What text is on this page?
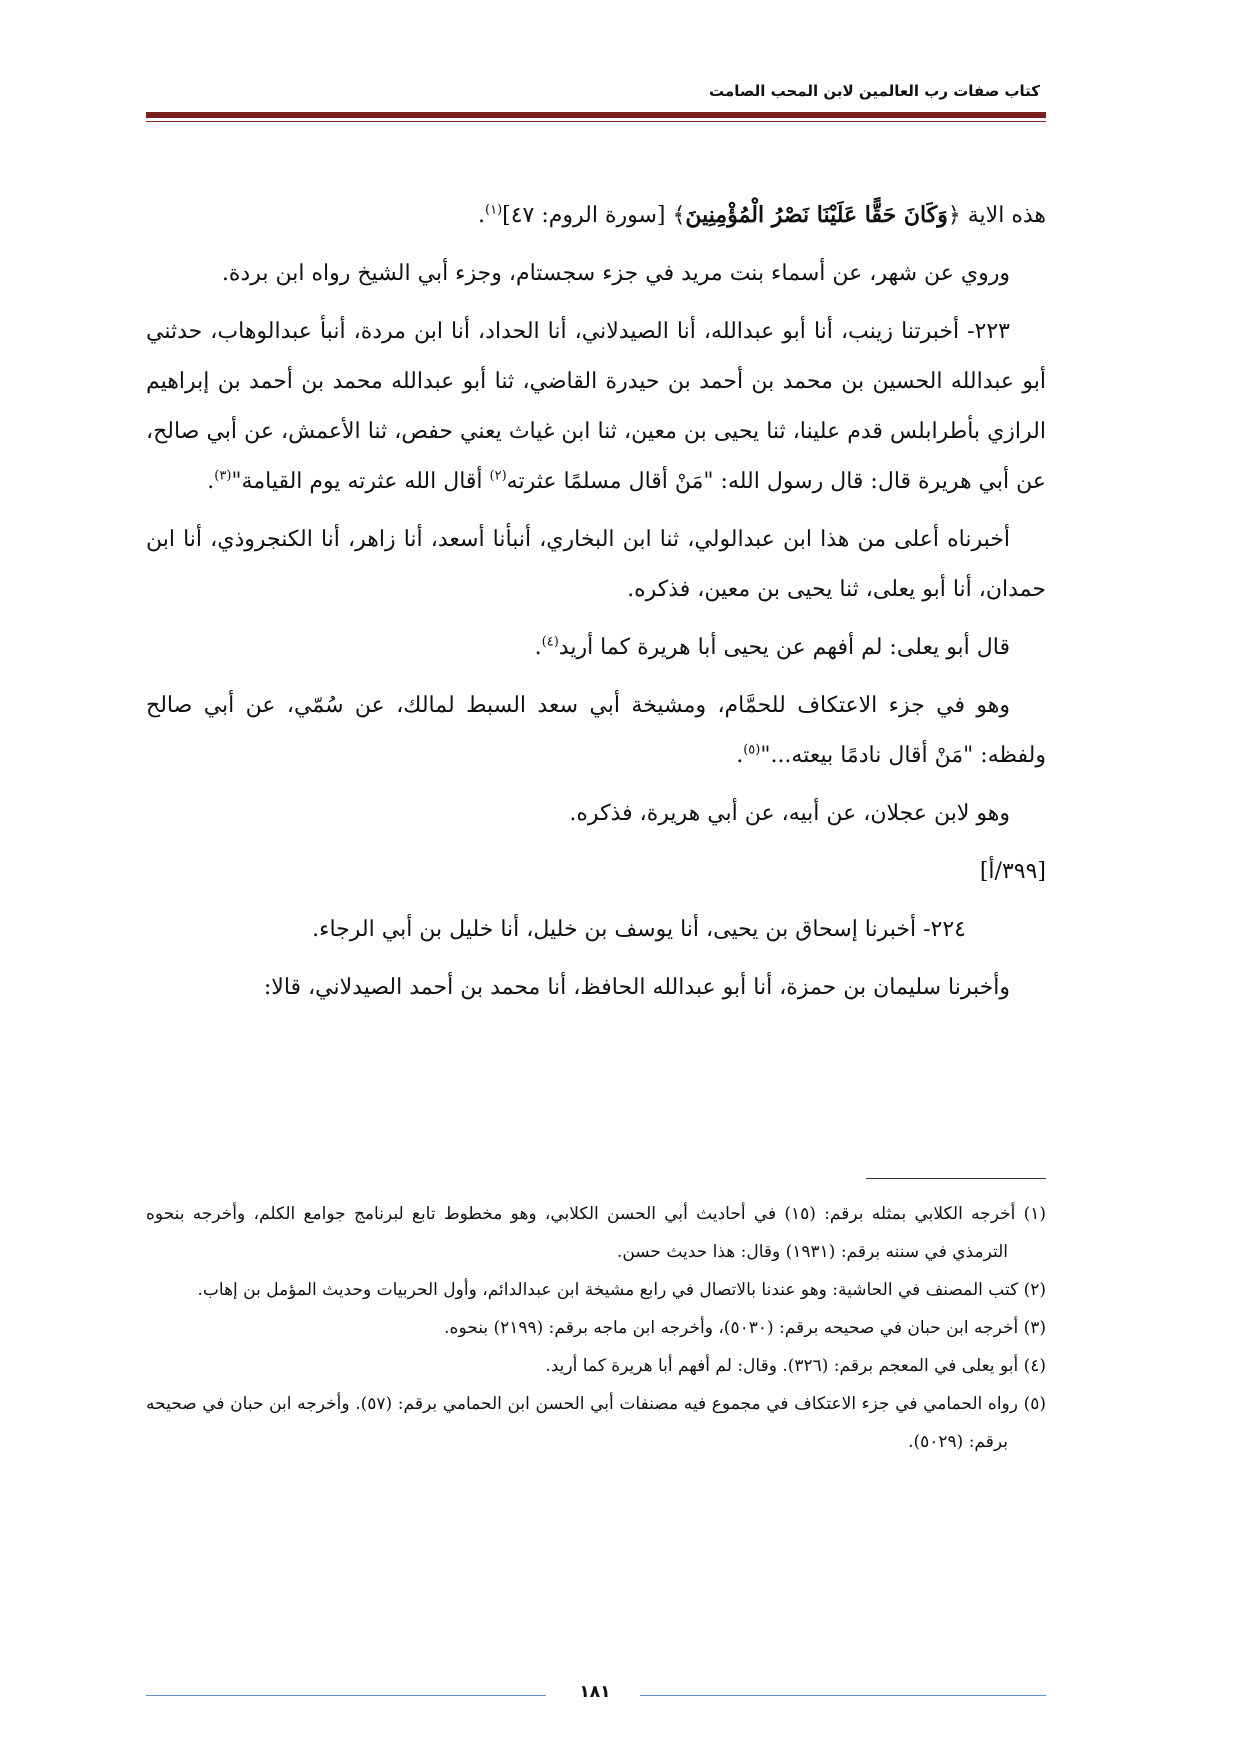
كتاب صفات رب العالمين لابن المحب الصامت

هذه الاية ﴿وَكَانَ حَقًّا عَلَيْنَا نَصْرُ الْمُؤْمِنِينَ﴾ [سورة الروم: ٤٧]$^{(١)}$.

وروي عن شهر، عن أسماء بنت مريد في جزء سجستام، وجزء أبي الشيخ رواه ابن بردة.

٢٢٣- أخبرتنا زينب، أنا أبو عبدالله، أنا الصيدلاني، أنا الحداد، أنا ابن مردة، أنبأ عبدالوهاب، حدثني أبو عبدالله الحسين بن محمد بن أحمد بن حيدرة القاضي، ثنا أبو عبدالله محمد بن أحمد بن إبراهيم الرازي بأطرابلس قدم علينا، ثنا يحيى بن معين، ثنا ابن غياث يعني حفص، ثنا الأعمش، عن أبي صالح، عن أبي هريرة قال: قال رسول الله: "مَنْ أقال مسلمًا عثرته$^{(٢)}$ أقال الله عثرته يوم القيامة"$^{(٣)}$.

أخبرناه أعلى من هذا ابن عبدالولي، ثنا ابن البخاري، أنبأنا أسعد، أنا زاهر، أنا الكنجروذي، أنا ابن حمدان، أنا أبو يعلى، ثنا يحيى بن معين، فذكره.

قال أبو يعلى: لم أفهم عن يحيى أبا هريرة كما أريد$^{(٤)}$.

وهو في جزء الاعتكاف للحمَّام، ومشيخة أبي سعد السبط لمالك، عن سُمّي، عن أبي صالح ولفظه: "مَنْ أقال نادمًا بيعته..."$^{(٥)}$.

وهو لابن عجلان، عن أبيه، عن أبي هريرة، فذكره.

[٣٩٩/أ]

٢٢٤- أخبرنا إسحاق بن يحيى، أنا يوسف بن خليل، أنا خليل بن أبي الرجاء.

وأخبرنا سليمان بن حمزة، أنا أبو عبدالله الحافظ، أنا محمد بن أحمد الصيدلاني، قالا:

(١) أخرجه الكلابي بمثله برقم: (١٥) في أحاديث أبي الحسن الكلابي، وهو مخطوط تابع لبرنامج جوامع الكلم، وأخرجه بنحوه الترمذي في سننه برقم: (١٩٣١) وقال: هذا حديث حسن.

(٢) كتب المصنف في الحاشية: وهو عندنا بالاتصال في رابع مشيخة ابن عبدالدائم، وأول الحربيات وحديث المؤمل بن إهاب.

(٣) أخرجه ابن حبان في صحيحه برقم: (٥٠٣٠)، وأخرجه ابن ماجه برقم: (٢١٩٩) بنحوه.

(٤) أبو يعلى في المعجم برقم: (٣٢٦). وقال: لم أفهم أبا هريرة كما أريد.

(٥) رواه الحمامي في جزء الاعتكاف في مجموع فيه مصنفات أبي الحسن ابن الحمامي برقم: (٥٧). وأخرجه ابن حبان في صحيحه برقم: (٥٠٢٩).

١٨١
